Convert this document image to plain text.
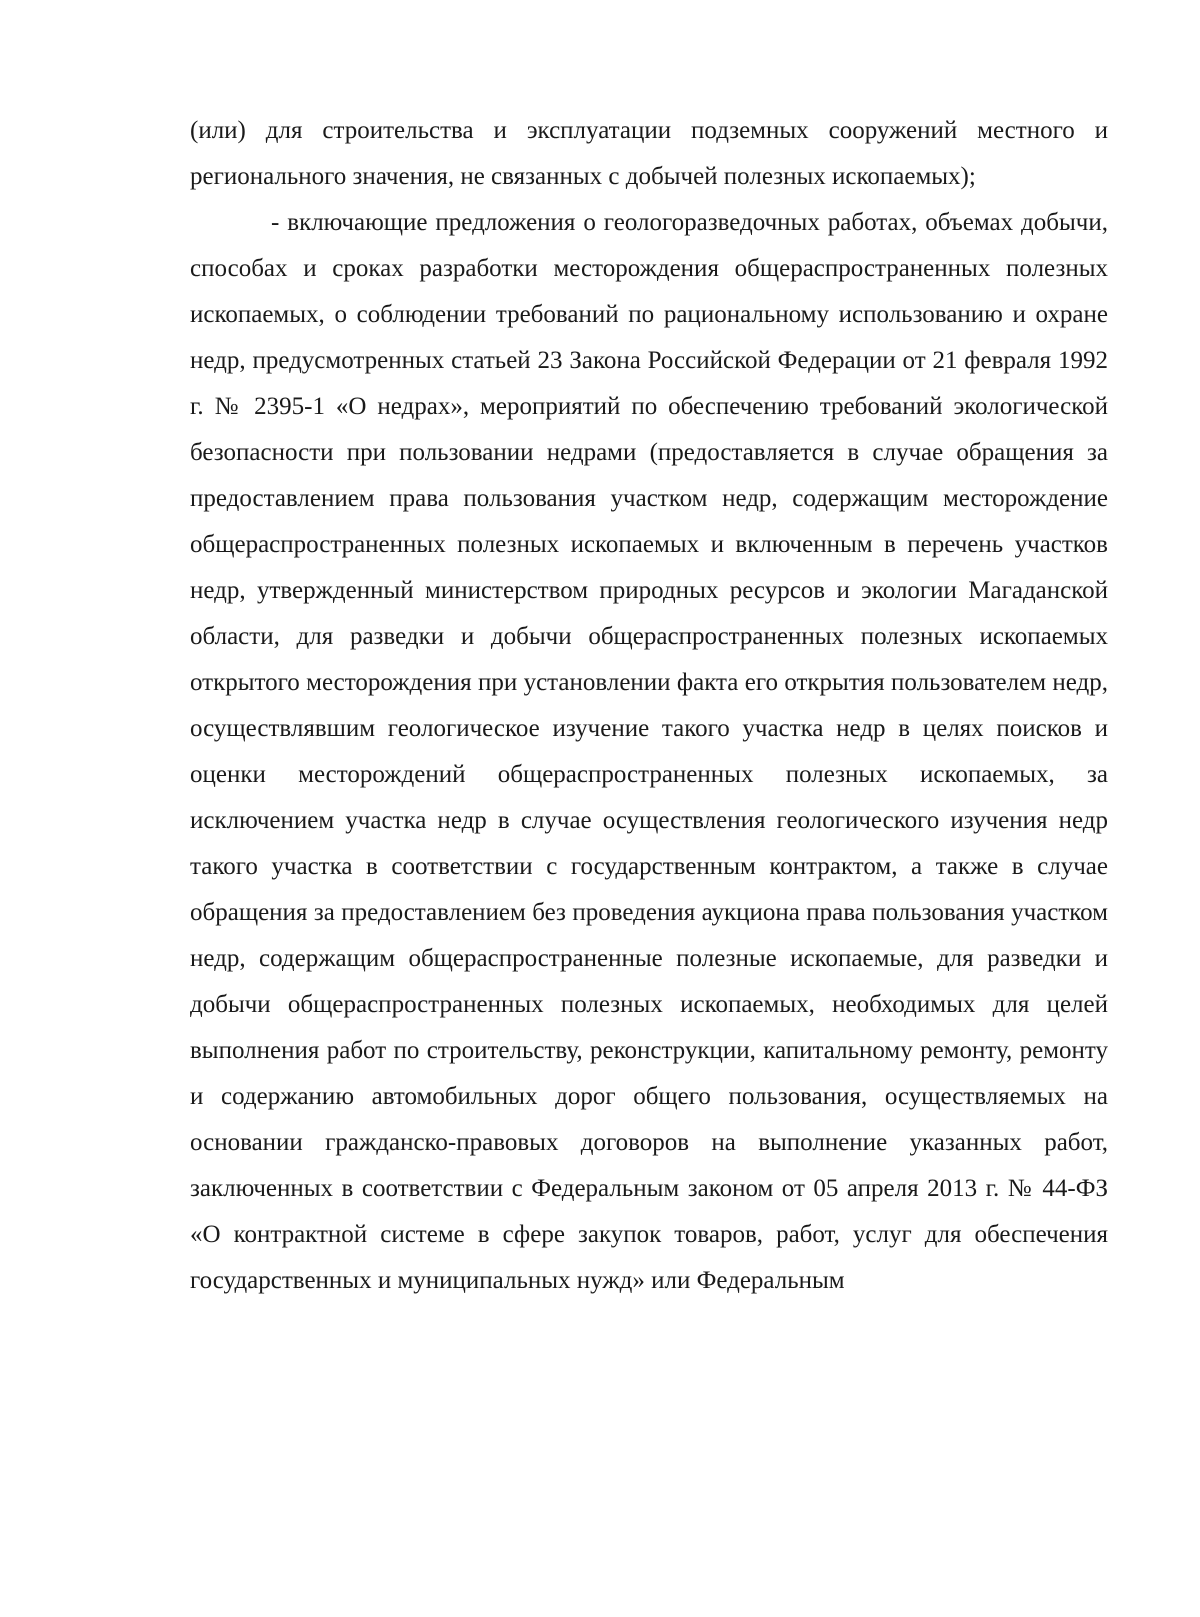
(или) для строительства и эксплуатации подземных сооружений местного и регионального значения, не связанных с добычей полезных ископаемых);

- включающие предложения о геологоразведочных работах, объемах добычи, способах и сроках разработки месторождения общераспространенных полезных ископаемых, о соблюдении требований по рациональному использованию и охране недр, предусмотренных статьей 23 Закона Российской Федерации от 21 февраля 1992 г. № 2395-1 «О недрах», мероприятий по обеспечению требований экологической безопасности при пользовании недрами (предоставляется в случае обращения за предоставлением права пользования участком недр, содержащим месторождение общераспространенных полезных ископаемых и включенным в перечень участков недр, утвержденный министерством природных ресурсов и экологии Магаданской области, для разведки и добычи общераспространенных полезных ископаемых открытого месторождения при установлении факта его открытия пользователем недр, осуществлявшим геологическое изучение такого участка недр в целях поисков и оценки месторождений общераспространенных полезных ископаемых, за исключением участка недр в случае осуществления геологического изучения недр такого участка в соответствии с государственным контрактом, а также в случае обращения за предоставлением без проведения аукциона права пользования участком недр, содержащим общераспространенные полезные ископаемые, для разведки и добычи общераспространенных полезных ископаемых, необходимых для целей выполнения работ по строительству, реконструкции, капитальному ремонту, ремонту и содержанию автомобильных дорог общего пользования, осуществляемых на основании гражданско-правовых договоров на выполнение указанных работ, заключенных в соответствии с Федеральным законом от 05 апреля 2013 г. № 44-ФЗ «О контрактной системе в сфере закупок товаров, работ, услуг для обеспечения государственных и муниципальных нужд» или Федеральным
